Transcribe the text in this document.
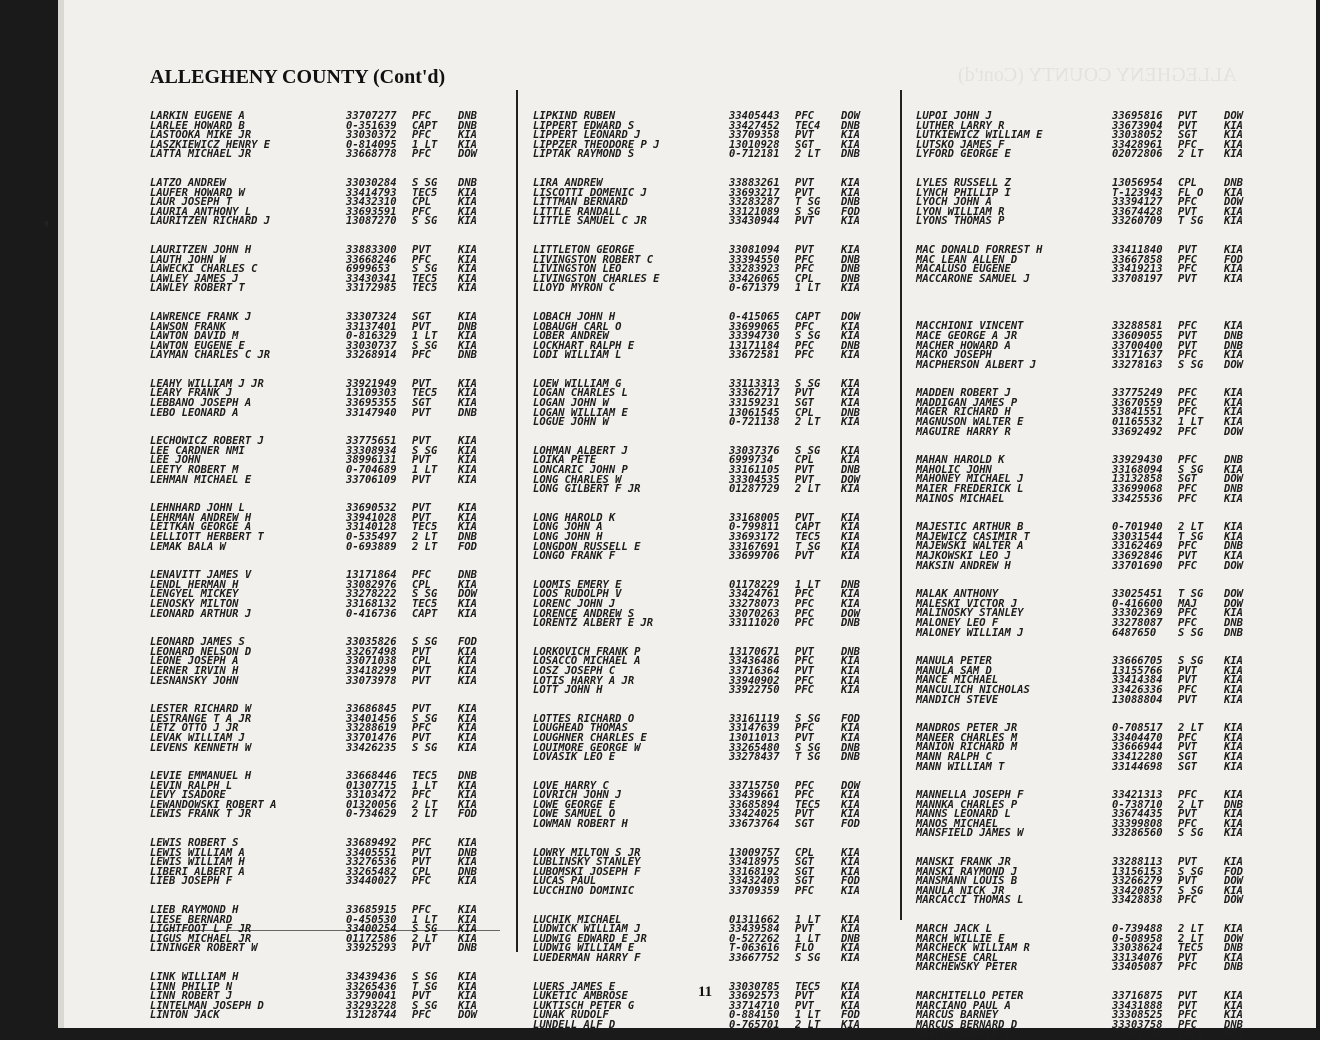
ALLEGHENY COUNTY (Cont'd)
ALLEGHENY COUNTY (Cont'd)
❜
LARKIN EUGENE A	33707277	PFC	DNB
LARLEE HOWARD B	0-351639	CAPT	DNB
LASTOOKA MIKE JR	33030372	PFC	KIA
LASZKIEWICZ HENRY E	0-814095	1 LT	KIA
LATTA MICHAEL JR	33668778	PFC	DOW
LATZO ANDREW	33030284	S SG	DNB
LAUFER HOWARD W	33414793	TEC5	KIA
LAUR JOSEPH T	33432310	CPL	KIA
LAURIA ANTHONY L	33693591	PFC	KIA
LAURITZEN RICHARD J	13087270	S SG	KIA
LAURITZEN JOHN H	33883300	PVT	KIA
LAUTH JOHN W	33668246	PFC	KIA
LAWECKI CHARLES C	6999653	S SG	KIA
LAWLEY JAMES J	33430341	TEC5	KIA
LAWLEY ROBERT T	33172985	TEC5	KIA
LAWRENCE FRANK J	33307324	SGT	KIA
LAWSON FRANK	33137401	PVT	DNB
LAWTON DAVID M	0-816329	1 LT	KIA
LAWTON EUGENE E	33030737	S SG	KIA
LAYMAN CHARLES C JR	33268914	PFC	DNB
LEAHY WILLIAM J JR	33921949	PVT	KIA
LEARY FRANK J	13109303	TEC5	KIA
LEBBANO JOSEPH A	33695355	SGT	KIA
LEBO LEONARD A	33147940	PVT	DNB
LECHOWICZ ROBERT J	33775651	PVT	KIA
LEE CARDNER NMI	33308934	S SG	KIA
LEE JOHN	38996131	PVT	KIA
LEETY ROBERT M	0-704689	1 LT	KIA
LEHMAN MICHAEL E	33706109	PVT	KIA
LEHNHARD JOHN L	33690532	PVT	KIA
LEHRMAN ANDREW H	33941028	PVT	KIA
LEITKAN GEORGE A	33140128	TEC5	KIA
LELLIOTT HERBERT T	0-535497	2 LT	DNB
LEMAK BALA W	0-693889	2 LT	FOD
LENAVITT JAMES V	13171864	PFC	DNB
LENDL HERMAN H	33082976	CPL	KIA
LENGYEL MICKEY	33278222	S SG	DOW
LENOSKY MILTON	33168132	TEC5	KIA
LEONARD ARTHUR J	0-416736	CAPT	KIA
LEONARD JAMES S	33035826	S SG	FOD
LEONARD NELSON D	33267498	PVT	KIA
LEONE JOSEPH A	33071038	CPL	KIA
LERNER IRVIN H	33418299	PVT	KIA
LESNANSKY JOHN	33073978	PVT	KIA
LESTER RICHARD W	33686845	PVT	KIA
LESTRANGE T A JR	33401456	S SG	KIA
LETZ OTTO J JR	33288619	PFC	KIA
LEVAK WILLIAM J	33701476	PVT	KIA
LEVENS KENNETH W	33426235	S SG	KIA
LEVIE EMMANUEL H	33668446	TEC5	DNB
LEVIN RALPH L	01307715	1 LT	KIA
LEVY ISADORE	33103472	PFC	KIA
LEWANDOWSKI ROBERT A	01320056	2 LT	KIA
LEWIS FRANK T JR	0-734629	2 LT	FOD
LEWIS ROBERT S	33689492	PFC	KIA
LEWIS WILLIAM A	33405551	PVT	DNB
LEWIS WILLIAM H	33276536	PVT	KIA
LIBERI ALBERT A	33265482	CPL	DNB
LIEB JOSEPH F	33440027	PFC	KIA
LIEB RAYMOND H	33685915	PFC	KIA
LIESE BERNARD	0-450530	1 LT	KIA
LIGHTFOOT L F JR	33400254	S SG	KIA
LIGUS MICHAEL JR	01172586	2 LT	KIA
LININGER ROBERT W	33925293	PVT	DNB
LINK WILLIAM H	33439436	S SG	KIA
LINN PHILIP N	33265436	T SG	KIA
LINN ROBERT J	33790041	PVT	KIA
LINTELMAN JOSEPH D	33293228	S SG	KIA
LINTON JACK	13128744	PFC	DOW
LIPKIND RUBEN	33405443	PFC	DOW
LIPPERT EDWARD S	33427452	TEC4	DNB
LIPPERT LEONARD J	33709358	PVT	KIA
LIPPZER THEODORE P J	13010928	SGT	KIA
LIPTAK RAYMOND S	0-712181	2 LT	DNB
LIRA ANDREW	33883261	PVT	KIA
LISCOTTI DOMENIC J	33693217	PVT	KIA
LITTMAN BERNARD	33283287	T SG	DNB
LITTLE RANDALL	33121089	S SG	FOD
LITTLE SAMUEL C JR	33430944	PVT	KIA
LITTLETON GEORGE	33081094	PVT	KIA
LIVINGSTON ROBERT C	33394550	PFC	DNB
LIVINGSTON LEO	33283923	PFC	DNB
LIVINGSTON CHARLES E	33426065	CPL	DNB
LLOYD MYRON C	0-671379	1 LT	KIA
LOBACH JOHN H	0-415065	CAPT	DOW
LOBAUGH CARL O	33699065	PFC	KIA
LOBER ANDREW	33394730	S SG	KIA
LOCKHART RALPH E	13171184	PFC	DNB
LODI WILLIAM L	33672581	PFC	KIA
LOEW WILLIAM G	33113313	S SG	KIA
LOGAN CHARLES L	33362717	PVT	KIA
LOGAN JOHN W	33159231	SGT	KIA
LOGAN WILLIAM E	13061545	CPL	DNB
LOGUE JOHN W	0-721138	2 LT	KIA
LOHMAN ALBERT J	33037376	S SG	KIA
LOIKA PETE	6999734	CPL	KIA
LONCARIC JOHN P	33161105	PVT	DNB
LONG CHARLES W	33304535	PVT	DOW
LONG GILBERT F JR	01287729	2 LT	KIA
LONG HAROLD K	33168005	PVT	KIA
LONG JOHN A	0-799811	CAPT	KIA
LONG JOHN H	33693172	TEC5	KIA
LONGDON RUSSELL E	33167691	T SG	KIA
LONGO FRANK F	33699706	PVT	KIA
LOOMIS EMERY E	01178229	1 LT	DNB
LOOS RUDOLPH V	33424761	PFC	KIA
LORENC JOHN J	33278073	PFC	KIA
LORENCE ANDREW S	33070263	PFC	DOW
LORENTZ ALBERT E JR	33111020	PFC	DNB
LORKOVICH FRANK P	13170671	PVT	DNB
LOSACCO MICHAEL A	33436486	PFC	KIA
LOSZ JOSEPH C	33716364	PVT	KIA
LOTIS HARRY A JR	33940902	PFC	KIA
LOTT JOHN H	33922750	PFC	KIA
LOTTES RICHARD O	33161119	S SG	FOD
LOUGHEAD THOMAS	33147639	PFC	KIA
LOUGHNER CHARLES E	13011013	PVT	KIA
LOUIMORE GEORGE W	33265480	S SG	DNB
LOVASIK LEO E	33278437	T SG	DNB
LOVE HARRY C	33715750	PFC	DOW
LOVRICH JOHN J	33439661	PFC	KIA
LOWE GEORGE E	33685894	TEC5	KIA
LOWE SAMUEL O	33424025	PVT	KIA
LOWMAN ROBERT H	33673764	SGT	FOD
LOWRY MILTON S JR	13009757	CPL	KIA
LUBLINSKY STANLEY	33418975	SGT	KIA
LUBOMSKI JOSEPH F	33168192	SGT	KIA
LUCAS PAUL	33432403	SGT	FOD
LUCCHINO DOMINIC	33709359	PFC	KIA
LUCHIK MICHAEL	01311662	1 LT	KIA
LUDWICK WILLIAM J	33439584	PVT	KIA
LUDWIG EDWARD E JR	0-527262	1 LT	DNB
LUDWIG WILLIAM E	T-063616	FLO	KIA
LUEDERMAN HARRY F	33667752	S SG	KIA
LUERS JAMES E	33030785	TEC5	KIA
LUKETIC AMBROSE	33692573	PVT	KIA
LUKTISCH PETER G	33714710	PVT	KIA
LUNAK RUDOLF	0-884150	1 LT	FOD
LUNDELL ALF D	0-765701	2 LT	KIA
LUPOI JOHN J	33695816	PVT	DOW
LUTHER LARRY R	33673904	PVT	KIA
LUTKIEWICZ WILLIAM E	33038052	SGT	KIA
LUTSKO JAMES F	33428961	PFC	KIA
LYFORD GEORGE E	02072806	2 LT	KIA
LYLES RUSSELL Z	13056954	CPL	DNB
LYNCH PHILLIP I	T-123943	FL O	KIA
LYOCH JOHN A	33394127	PFC	DOW
LYON WILLIAM R	33674428	PVT	KIA
LYONS THOMAS P	33260709	T SG	KIA
MAC DONALD FORREST H	33411840	PVT	KIA
MAC LEAN ALLEN D	33667858	PFC	FOD
MACALUSO EUGENE	33419213	PFC	KIA
MACCARONE SAMUEL J	33708197	PVT	KIA
MACCHIONI VINCENT	33288581	PFC	KIA
MACE GEORGE A JR	33609055	PVT	DNB
MACHER HOWARD A	33700400	PVT	DNB
MACKO JOSEPH	33171637	PFC	KIA
MACPHERSON ALBERT J	33278163	S SG	DOW
MADDEN ROBERT J	33775249	PFC	KIA
MADDIGAN JAMES P	33670559	PFC	KIA
MAGER RICHARD H	33841551	PFC	KIA
MAGNUSON WALTER E	01165532	1 LT	KIA
MAGUIRE HARRY R	33692492	PFC	DOW
MAHAN HAROLD K	33929430	PFC	DNB
MAHOLIC JOHN	33168094	S SG	KIA
MAHONEY MICHAEL J	13132858	SGT	DOW
MAIER FREDERICK L	33699068	PFC	DNB
MAINOS MICHAEL	33425536	PFC	KIA
MAJESTIC ARTHUR B	0-701940	2 LT	KIA
MAJEWICZ CASIMIR T	33031544	T SG	KIA
MAJEWSKI WALTER A	33162469	PFC	DNB
MAJKOWSKI LEO J	33692846	PVT	KIA
MAKSIN ANDREW H	33701690	PFC	DOW
MALAK ANTHONY	33025451	T SG	DOW
MALESKI VICTOR J	0-416600	MAJ	DOW
MALINOSKY STANLEY	33302369	PFC	KIA
MALONEY LEO F	33278087	PFC	DNB
MALONEY WILLIAM J	6487650	S SG	DNB
MANULA PETER	33666705	S SG	KIA
MANULA SAM D	13155766	PVT	KIA
MANCE MICHAEL	33414384	PVT	KIA
MANCULICH NICHOLAS	33426336	PFC	KIA
MANDICH STEVE	13088804	PVT	KIA
MANDROS PETER JR	0-708517	2 LT	KIA
MANEER CHARLES M	33404470	PFC	KIA
MANION RICHARD M	33666944	PVT	KIA
MANN RALPH C	33412280	SGT	KIA
MANN WILLIAM T	33144698	SGT	KIA
MANNELLA JOSEPH F	33421313	PFC	KIA
MANNKA CHARLES P	0-738710	2 LT	DNB
MANNS LEONARD L	33674435	PVT	KIA
MANOS MICHAEL	33399808	PFC	KIA
MANSFIELD JAMES W	33286560	S SG	KIA
MANSKI FRANK JR	33288113	PVT	KIA
MANSKI RAYMOND J	13156153	S SG	FOD
MANSMANN LOUIS B	33266279	PVT	DOW
MANULA NICK JR	33420857	S SG	KIA
MARCACCI THOMAS L	33428838	PFC	DOW
MARCH JACK L	0-739488	2 LT	KIA
MARCH WILLIE E	0-508958	2 LT	DOW
MARCHECK WILLIAM R	33038624	TEC5	DNB
MARCHESE CARL	33134076	PVT	KIA
MARCHEWSKY PETER	33405087	PFC	DNB
MARCHITELLO PETER	33716875	PVT	KIA
MARCIANO PAUL A	33431888	PVT	KIA
MARCUS BARNEY	33308525	PFC	KIA
MARCUS BERNARD D	33303758	PFC	DNB
MARCUS HAROLD F	33031848	TEC5	KIA
11
